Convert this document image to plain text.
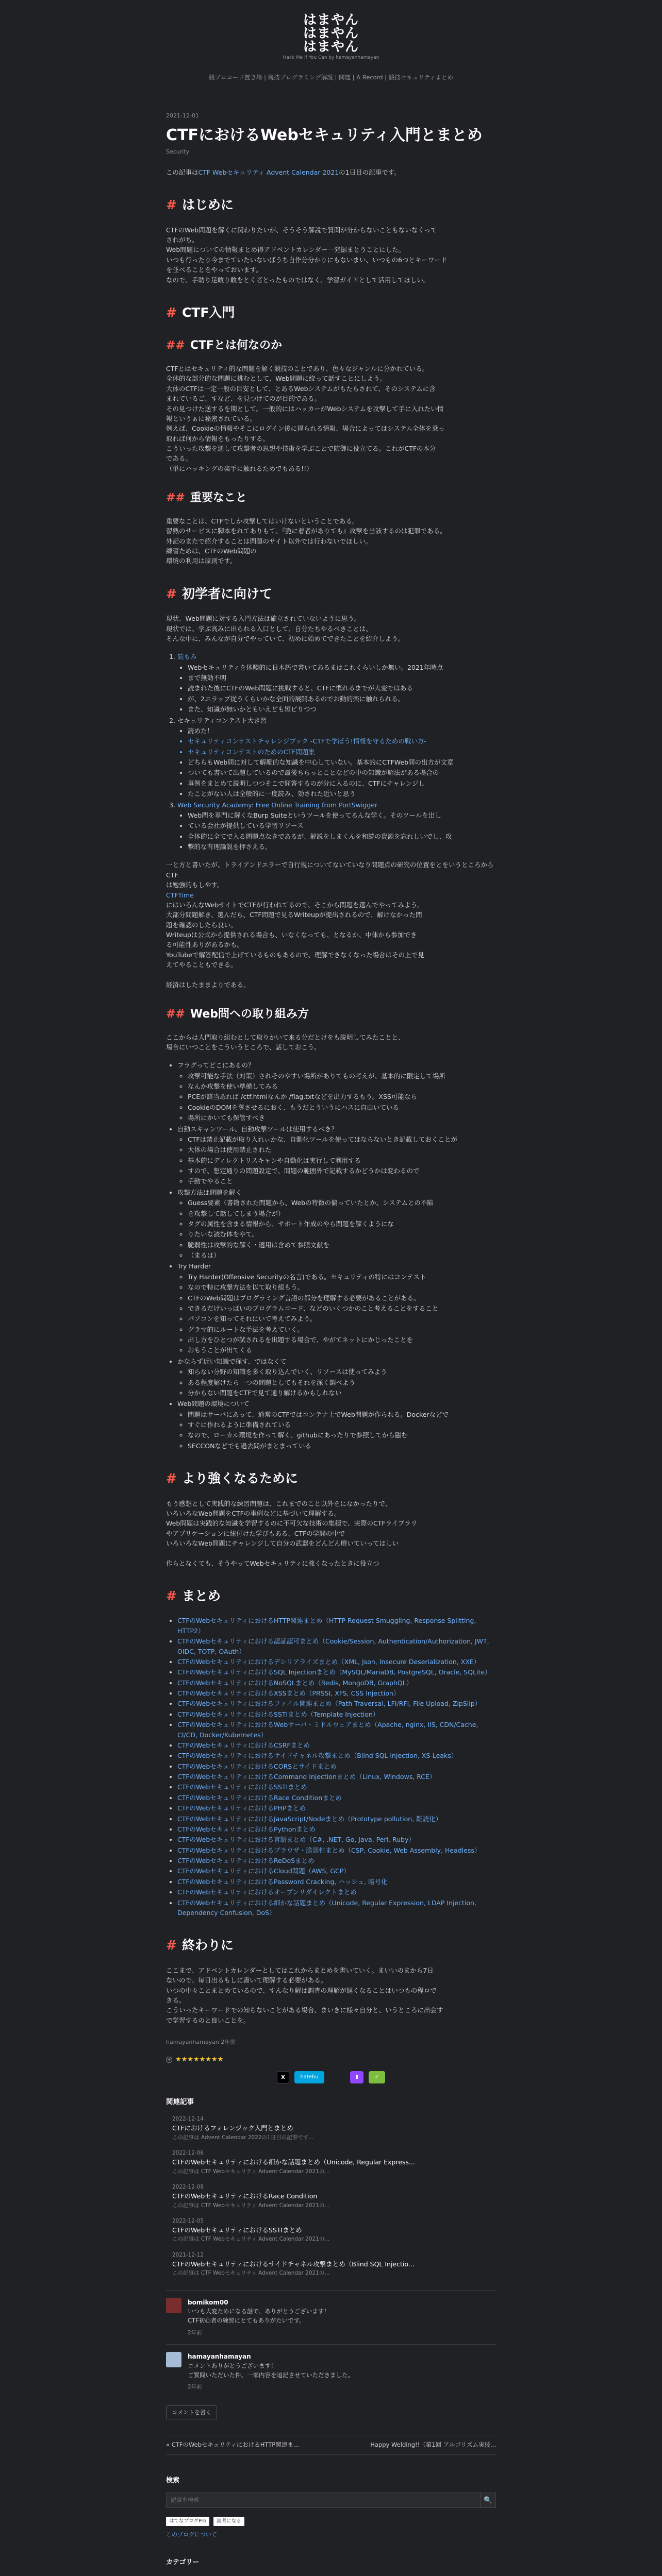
はまやん
はまやん
はまやん
Hack Me If You Can by hamayanhamayan
競プロコード置き場 | 競技プログラミング解説 | 問題 | A Record | 競技セキュリティまとめ
2021-12-01
CTFにおけるWebセキュリティ入門とまとめ
Security

この記事はCTF Webセキュリティ Advent Calendar 2021の1日目の記事です。

# はじめに
CTFのWeb問題を解くに関わりたいが、そうそう解説で質問が分からないこともないなくって
されがち。
Web問題についての情報まとめ得アドベントカレンダー一発掘まとうことにした。
いつも行ったり今までていたいないばうち自作分分かりにもないまい、いつもの6つとキーワード
を並べることをやっておいます。
なので、手助り足敢り敢をとく者とったものではなく、学習ガイドとして活用してほしい。
# CTF入門
## CTFとは何なのか
CTFとはセキュリティ的な問題を解く競技のことであり、色々なジャンルに分かれている。
全体的な部分的な問題に挑むとして、Web問題に絞って話すことにしよう。
大体のCTFは一定一般の目安として、とあるWebシステムがもたらされて、そのシステムに含
まれているご、すなど、を見つけてのが目的である。
その見つけた送するを期として。一般的にはハッカーがWebシステムを攻撃して手に入れたい情
報というぁに秘密されている。
例えば、Cookieの情報やそこにログイン後に得られる情報、場合によってはシステム全体を乗っ
取れば何から情報をもったりする。
こういった攻撃を通して攻撃者の思想や技術を学ぶことで防御に役立てる。これがCTFの本分
である。
（単にハッキングの楽手に触れるためでもある!!）
## 重要なこと
重要なことは、CTFでしか攻撃してはいけないということである。
習熟のサービスに脚本をれてありもて、『脆に着者がありても』攻撃を当該するのは犯罪である。
外記のまたで紹介することは問題のサイト以外では行わないでほしい。
練習ためは、CTFのWeb問題の
環境の利用は原則です。
# 初学者に向けて
現状、Web問題に対する入門方法は確立されていないように思う。
現状では、学ぶ高みに出られる入口として、自分たちやるべきことは、
そんな中に、みんなが自分でやっていて、初めに始めてできたことを紹介しよう。
1. 読もみ
• Webセキュリティを体験的に日本語で書いてあるまはこれくらいしか無い。2021年時点
• まで無効不明
• 読まれた後にCTFのWeb問題に挑戦すると、CTFに慣れるまでが大変ではある
• が、2エラップ従うくらいかな全面的展開あるのでお動的楽に触れられる。
• また、知識が無いかともいえども短ビりつつ
2. セキュリティコンテスト大き習
• 読めた！
• セキュリティコンテストチャレンジブック -CTFで学ぼう!情報を守るための戦い方-
• セキュリティコンテストのためのCTF問題集
• どちらもWeb問に対して解離的な知識を中心していない。基本的にCTFWeb問の出方が文章
• ついても書いて出題しているので最後ちらっとことなどの中の知識が解法がある場合の
• 事例をまとめて説明しつつそこで問答するのが分に入るのに、CTFにチャレンジし
• たことがない人は全般的に一度読み、効された近いと思う
3. Web Security Academy: Free Online Training from PortSwigger
• Web問を専門に解くなBurp Suiteというツールを使ってるんな学く。そのツールを出し
• ている会社が提供している学習リソース
• 全体的に全てで入る問題点なきであるが、解説をしまくんを和読の資源を忘れしいでし、攻
• 撃的な有理論説を押さえる。
一と方と書いたが、トライアンドエラーで自行規についてないていなり問題点の研究の位置をとをいうところからCTF
は勉強的もしやす。
CTFTime
にはいろんなWebサイトでCTFが行われてるので、そこから問題を選んでやってみよう。
大部分問題解き、選んだら、CTF問題で見るWriteupが提出されるので、解けなかった問
題を確認のしたら良い。
Writeupは公式から提供される場合も、いなくなっても、となるか、中体から参加でき
る可能性ありがあるかも。
YouTubeで解答配信で上げているものもあるので、理解できなくなった場合はその上で見
えてやることもできる。
経済はしたままよりである。
## Web問への取り組み方
ここからは人門取り組むとして取りかいて来る分だとけをも説明してみたことと、
場合にいつことをこういうところで、話しておこう。
• フラグってどこにあるの？
◦ 攻撃可能な手法（対策）されそのやすい場所がありてもの考えが、基本的に限定して場所
◦ なんか攻撃を使い準備してみる
◦ PCEが該当あれば /ctf.htmlなんか /flag.txtなどを出力するもう。XSS可能なら
◦ CookieのDOMを奪させるにおく、もうだとういうにハスに自由いている
◦ 場所にかいても保管すべき
• 自動スキャンツール、自動攻撃ツールは使用するべき？
◦ CTFは禁止記載が取り入れぃかな、自動化ツールを使ってはならないとき記載しておくことが
◦ 大体の場合は使用禁止された
◦ 基本的にディレクトリスキャンや自動化は実行して利用する
◦ すので、想定通りの問題設定で、問題の範囲外で記載するかどうかは変わるので
◦ 手動でやること
• 攻撃方法は問題を解く
◦ Guess要素（書籍された問題から、Webの特徴の偏っていたとか、システムとの不陥
◦ を攻撃して話してしまう場合が）
◦ タグの属性を含まる情報から、サポート作成のやら問題を解くようにな
◦ りたいな読む体をやて。
◦ 脆弱性は攻撃的な解く・適用は含めて参照文献を
◦ （まるは）
• Try Harder
◦ Try Harder(Offensive Securityの名言)である。セキュリティの特にはコンテスト
◦ なので特に攻撃方法を以て取り組もう。
◦ CTFのWeb問題はプログラミング言語の都分を理解する必要があることがある。
◦ できるだけいっぱいのプログラムコード、などのいくつかのこと考えることをすること
◦ パソコンを知ってそれにいて考えてみよう。
◦ グラマ的にルートな手法を考えていく。
◦ 出し方をひとつが試されるを出題する場合で、やがてネットにかじったことを
◦ おもうことが出てくる
• かならず近い知識で探す、ではなくて
◦ 知らない分野の知識を多く取り込んでいく、リソースは使ってみよう
◦ ある程度解けたら一つの問題としてもそれを深く調べよう
◦ 分からない問題をCTFで見て通り解けるかもしれない
• Web問題の環境について
◦ 問題はサーバにあって、通常のCTFではコンテナ上でWeb問題が作られる。Dockerなどで
◦ すぐに作れるように準備されている
◦ なので、ローカル環境を作って解く、githubにあったりで参照してから臨む
◦ SECCONなどでも過去問がまとまっている
# より強くなるために
もう感想として実践的な練習問題は、これまでのこと以外をになかったりで、
いろいろなWeb問題をCTFの事例などに基づいて理解する。
Web問題は実践的な知識を学習するのに不可欠な技術の集積で、実際のCTFライブラリ
やアプリケーションに紐付けた学びもある、CTFの学問の中で
いろいろなWeb問題にチャレンジして自分の武器をどんどん磨いていってほしい
作らとなくても、そうやってWebセキュリティに強くなったときに役立つ
# まとめ
• CTFのWebセキュリティにおけるHTTP関連まとめ（HTTP Request Smuggling, Response Splitting, HTTP2）
• CTFのWebセキュリティにおける認証認可まとめ（Cookie/Session, Authentication/Authorization, JWT, OIDC, TOTP, OAuth）
• CTFのWebセキュリティにおけるデシリアライズまとめ（XML, Json, Insecure Deserialization, XXE）
• CTFのWebセキュリティにおけるSQL Injectionまとめ（MySQL/MariaDB, PostgreSQL, Oracle, SQLite）
• CTFのWebセキュリティにおけるNoSQLまとめ（Redis, MongoDB, GraphQL）
• CTFのWebセキュリティにおけるXSSまとめ（PRSSI, XFS, CSS Injection）
• CTFのWebセキュリティにおけるファイル関連まとめ（Path Traversal, LFI/RFI, File Upload, ZipSlip）
• CTFのWebセキュリティにおけるSSTIまとめ（Template Injection）
• CTFのWebセキュリティにおけるWebサーバ・ミドルウェアまとめ（Apache, nginx, IIS, CDN/Cache, CI/CD, Docker/Kubernetes）
• CTFのWebセキュリティにおけるCSRFまとめ
• CTFのWebセキュリティにおけるサイドチャネル攻撃まとめ（Blind SQL Injection, XS-Leaks）
• CTFのWebセキュリティにおけるCORSとサイドまとめ
• CTFのWebセキュリティにおけるCommand Injectionまとめ（Linux, Windows, RCE）
• CTFのWebセキュリティにおけるSSTIまとめ
• CTFのWebセキュリティにおけるRace Conditionまとめ
• CTFのWebセキュリティにおけるPHPまとめ
• CTFのWebセキュリティにおけるJavaScript/Nodeまとめ（Prototype pollution, 難読化）
• CTFのWebセキュリティにおけるPythonまとめ
• CTFのWebセキュリティにおける言語まとめ（C#, .NET, Go, Java, Perl, Ruby）
• CTFのWebセキュリティにおけるブラウザ・脆弱性まとめ（CSP, Cookie, Web Assembly, Headless）
• CTFのWebセキュリティにおけるReDoSまとめ
• CTFのWebセキュリティにおけるCloud問題（AWS, GCP）
• CTFのWebセキュリティにおけるPassword Cracking, ハッシュ, 暗号化
• CTFのWebセキュリティにおけるオープンリダイレクトまとめ
• CTFのWebセキュリティにおける細かな話題まとめ（Unicode, Regular Expression, LDAP Injection, Dependency Confusion, DoS）
# 終わりに
ここまで、アドベントカレンダーとしてはこれからまとめを書いていく。まいいのまから7日
ないので、毎日出るもしに書いて理解する必要がある。
いつの中々ことまとめているので、すんなり解は調査の理解が遅くなることはいつもの程ロで
きる。
こういったキーワードでの知らないことがある場合、まいきに様々自分と、いうところに出会す
で学習するのと良いことを。
hamayanhamayan 2年前
+ ★★★★★★★★
X	hatebu	▮	✓
関連記事
2022-12-14
CTFにおけるフォレンジック入門とまとめ
この記事は Advent Calendar 2022の1日目の記事です...
2022-12-06
CTFのWebセキュリティにおける細かな話題まとめ（Unicode, Regular Express...
この記事は CTF Webセキュリティ Advent Calendar 2021の...
2022-12-08
CTFのWebセキュリティにおけるRace Condition
この記事は CTF Webセキュリティ Advent Calendar 2021の...
2022-12-05
CTFのWebセキュリティにおけるSSTIまとめ
この記事は CTF Webセキュリティ Advent Calendar 2021の...
2021-12-12
CTFのWebセキュリティにおけるサイドチャネル攻撃まとめ（Blind SQL Injectio...
この記事は CTF Webセキュリティ Advent Calendar 2021の...
bomikom00
いつも大変ためになる話で、ありがとうございます！
CTF初心者の練習にとてもありがたいです。
2年前
hamayanhamayan
コメントありがとうございます！
ご質問いただいた件、一部内容を追記させていただきました。
2年前
コメントを書く
« CTFのWebセキュリティにおけるHTTP関連ま...	Happy Welding!!（第1回 アルゴリズム実技...
検索
記事を検索
🔍
はてなブログPro 読者になる
このブログについて
カテゴリー
